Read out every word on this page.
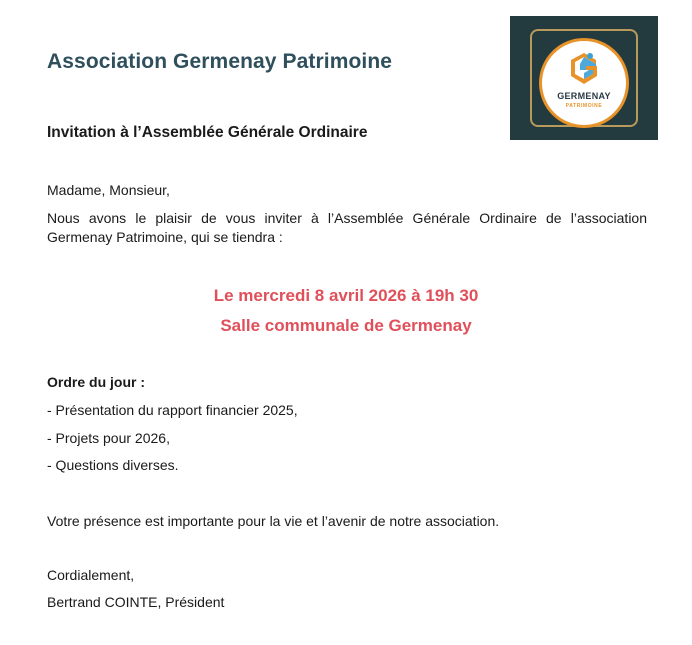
Association Germenay Patrimoine
GERMENAY
PATRIMOINE
Invitation à l’Assemblée Générale Ordinaire
Madame, Monsieur,
Nous avons le plaisir de vous inviter à l’Assemblée Générale Ordinaire de l’association Germenay Patrimoine, qui se tiendra :
Le mercredi 8 avril 2026 à 19h 30
Salle communale de Germenay
Ordre du jour :
- Présentation du rapport financier 2025,
- Projets pour 2026,
- Questions diverses.
Votre présence est importante pour la vie et l’avenir de notre association.
Cordialement,
Bertrand COINTE, Président
